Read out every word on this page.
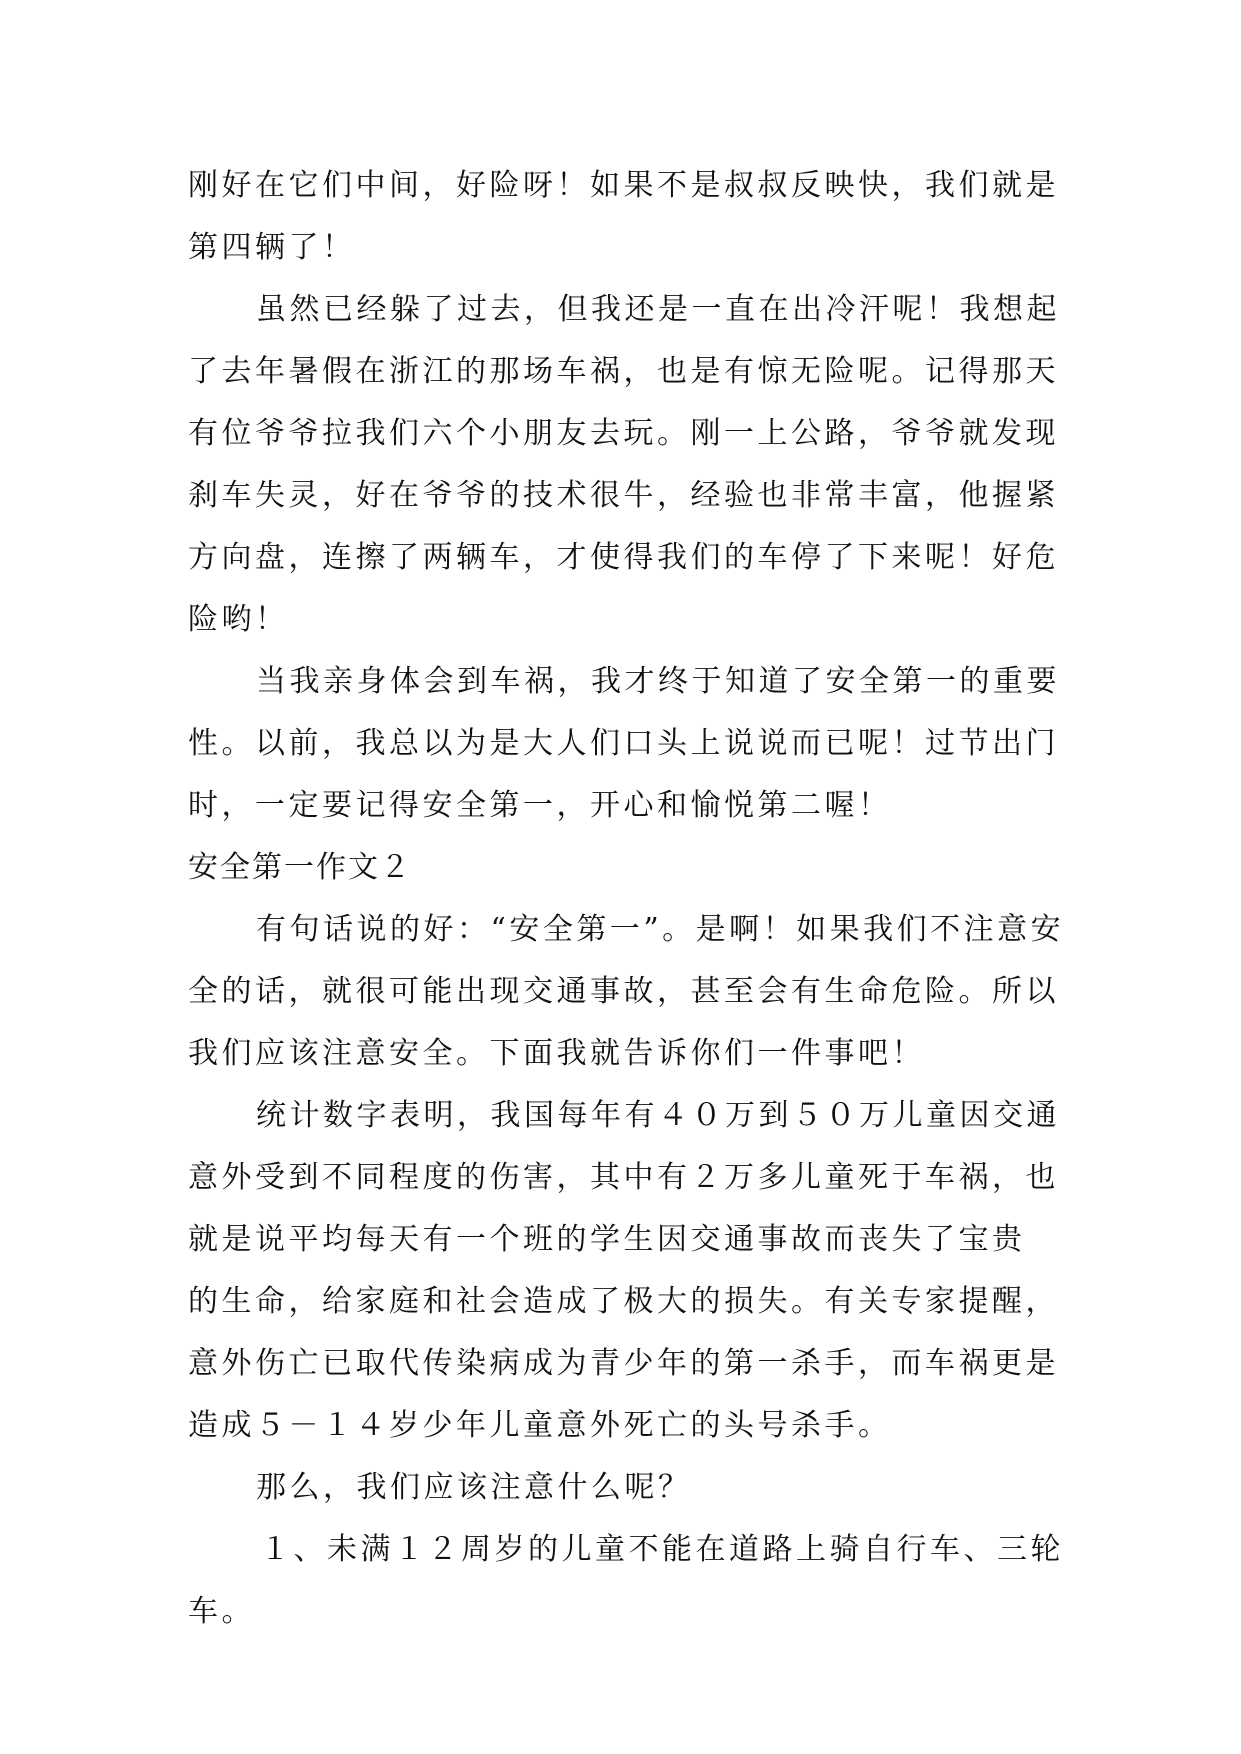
刚好在它们中间，好险呀！如果不是叔叔反映快，我们就是
第四辆了！
虽然已经躲了过去，但我还是一直在出冷汗呢！我想起
了去年暑假在浙江的那场车祸，也是有惊无险呢。记得那天
有位爷爷拉我们六个小朋友去玩。刚一上公路，爷爷就发现
刹车失灵，好在爷爷的技术很牛，经验也非常丰富，他握紧
方向盘，连擦了两辆车，才使得我们的车停了下来呢！好危
险哟！
当我亲身体会到车祸，我才终于知道了安全第一的重要
性。以前，我总以为是大人们口头上说说而已呢！过节出门
时，一定要记得安全第一，开心和愉悦第二喔！
安全第一作文２
有句话说的好：“安全第一”。是啊！如果我们不注意安
全的话，就很可能出现交通事故，甚至会有生命危险。所以
我们应该注意安全。下面我就告诉你们一件事吧！
统计数字表明，我国每年有４０万到５０万儿童因交通
意外受到不同程度的伤害，其中有２万多儿童死于车祸，也
就是说平均每天有一个班的学生因交通事故而丧失了宝贵
的生命，给家庭和社会造成了极大的损失。有关专家提醒，
意外伤亡已取代传染病成为青少年的第一杀手，而车祸更是
造成５－１４岁少年儿童意外死亡的头号杀手。
那么，我们应该注意什么呢？
１、未满１２周岁的儿童不能在道路上骑自行车、三轮
车。
